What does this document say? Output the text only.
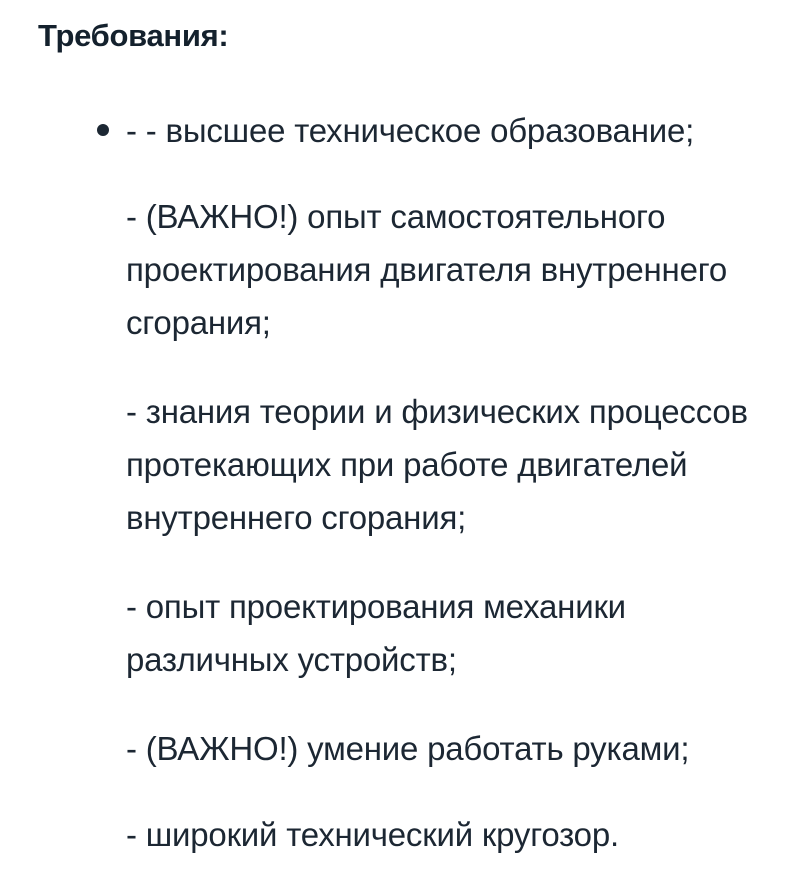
Требования:
- - высшее техническое образование;
- (ВАЖНО!) опыт самостоятельного проектирования двигателя внутреннего сгорания;
- знания теории и физических процессов протекающих при работе двигателей внутреннего сгорания;
- опыт проектирования механики различных устройств;
- (ВАЖНО!) умение работать руками;
- широкий технический кругозор.
